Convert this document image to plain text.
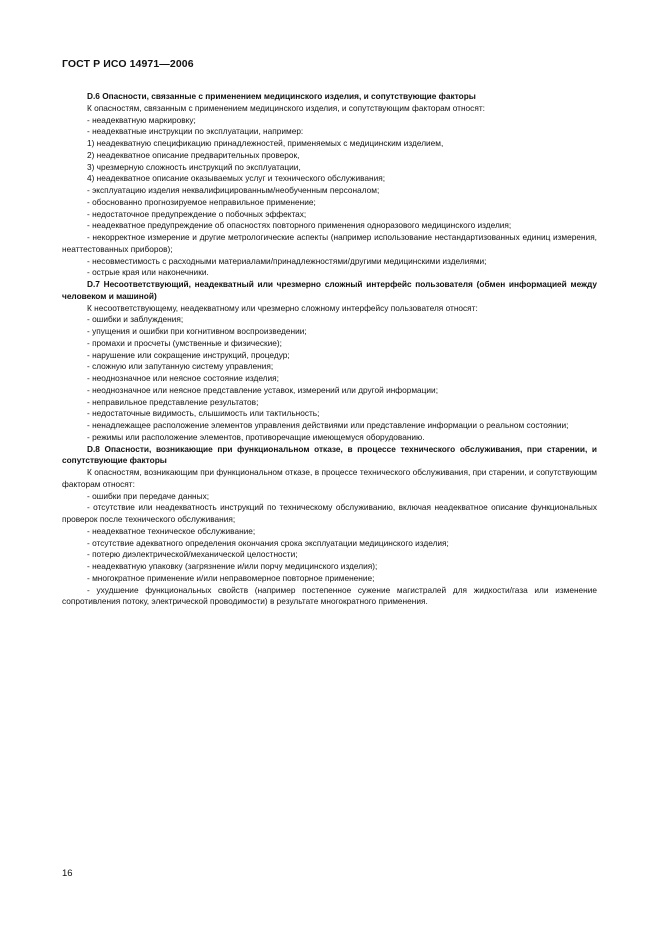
ГОСТ Р ИСО 14971—2006

D.6 Опасности, связанные с применением медицинского изделия, и сопутствующие факторы

К опасностям, связанным с применением медицинского изделия, и сопутствующим факторам относят:

- неадекватную маркировку;

- неадекватные инструкции по эксплуатации, например:

1) неадекватную спецификацию принадлежностей, применяемых с медицинским изделием,

2) неадекватное описание предварительных проверок,

3) чрезмерную сложность инструкций по эксплуатации,

4) неадекватное описание оказываемых услуг и технического обслуживания;

- эксплуатацию изделия неквалифицированным/необученным персоналом;

- обоснованно прогнозируемое неправильное применение;

- недостаточное предупреждение о побочных эффектах;

- неадекватное предупреждение об опасностях повторного применения одноразового медицинского изделия;

- некорректное измерение и другие метрологические аспекты (например использование нестандартизованных единиц измерения, неаттестованных приборов);

- несовместимость с расходными материалами/принадлежностями/другими медицинскими изделиями;

- острые края или наконечники.

D.7 Несоответствующий, неадекватный или чрезмерно сложный интерфейс пользователя (обмен информацией между человеком и машиной)

К несоответствующему, неадекватному или чрезмерно сложному интерфейсу пользователя относят:

- ошибки и заблуждения;

- упущения и ошибки при когнитивном воспроизведении;

- промахи и просчеты (умственные и физические);

- нарушение или сокращение инструкций, процедур;

- сложную или запутанную систему управления;

- неоднозначное или неясное состояние изделия;

- неоднозначное или неясное представление уставок, измерений или другой информации;

- неправильное представление результатов;

- недостаточные видимость, слышимость или тактильность;

- ненадлежащее расположение элементов управления действиями или представление информации о реальном состоянии;

- режимы или расположение элементов, противоречащие имеющемуся оборудованию.

D.8 Опасности, возникающие при функциональном отказе, в процессе технического обслуживания, при старении, и сопутствующие факторы

К опасностям, возникающим при функциональном отказе, в процессе технического обслуживания, при старении, и сопутствующим факторам относят:

- ошибки при передаче данных;

- отсутствие или неадекватность инструкций по техническому обслуживанию, включая неадекватное описание функциональных проверок после технического обслуживания;

- неадекватное техническое обслуживание;

- отсутствие адекватного определения окончания срока эксплуатации медицинского изделия;

- потерю диэлектрической/механической целостности;

- неадекватную упаковку (загрязнение и/или порчу медицинского изделия);

- многократное применение и/или неправомерное повторное применение;

- ухудшение функциональных свойств (например постепенное сужение магистралей для жидкости/газа или изменение сопротивления потоку, электрической проводимости) в результате многократного применения.

16
